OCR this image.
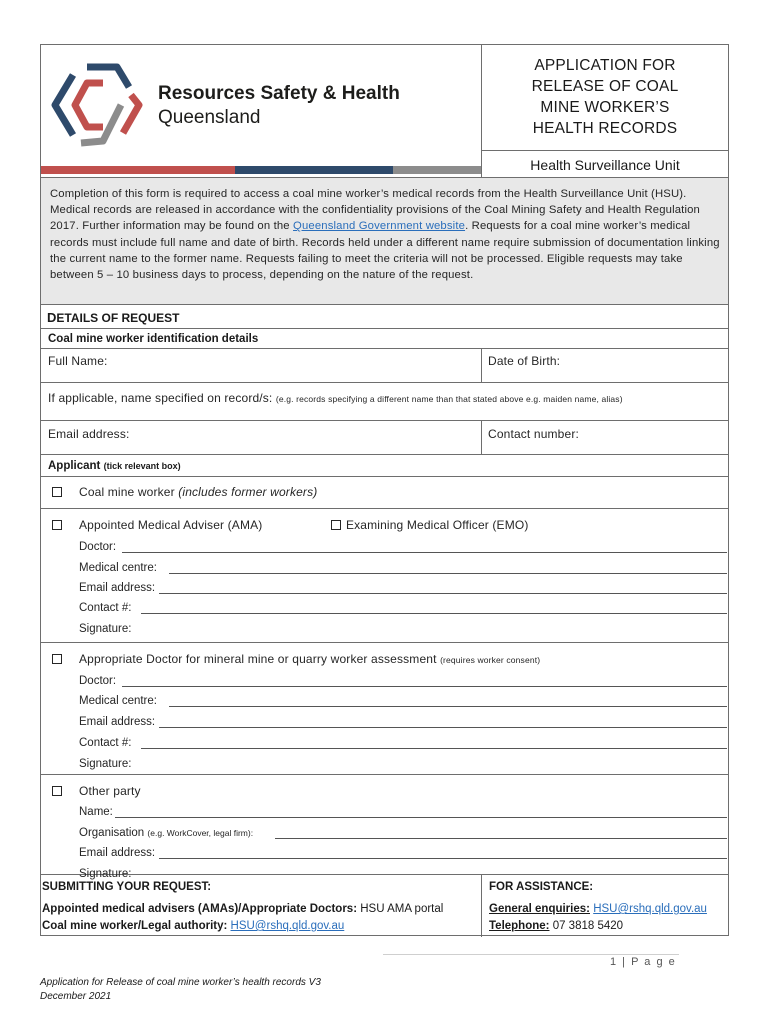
Resources Safety & Health
Queensland
APPLICATION FOR
RELEASE OF COAL
MINE WORKER’S
HEALTH RECORDS
Health Surveillance Unit
Completion of this form is required to access a coal mine worker’s medical records from the Health Surveillance Unit (HSU). Medical records are released in accordance with the confidentiality provisions of the Coal Mining Safety and Health Regulation 2017. Further information may be found on the Queensland Government website. Requests for a coal mine worker’s medical records must include full name and date of birth. Records held under a different name require submission of documentation linking the current name to the former name. Requests failing to meet the criteria will not be processed. Eligible requests may take between 5 – 10 business days to process, depending on the nature of the request.
DETAILS OF REQUEST
Coal mine worker identification details
Full Name:	Date of Birth:
If applicable, name specified on record/s: (e.g. records specifying a different name than that stated above e.g. maiden name, alias)
Email address:	Contact number:
Applicant (tick relevant box)
Coal mine worker (includes former workers)
Appointed Medical Adviser (AMA)	Examining Medical Officer (EMO)
Doctor:
Medical centre:
Email address:
Contact #:
Signature:
Appropriate Doctor for mineral mine or quarry worker assessment (requires worker consent)
Doctor:
Medical centre:
Email address:
Contact #:
Signature:
Other party
Name:
Organisation (e.g. WorkCover, legal firm):
Email address:
Signature:
SUBMITTING YOUR REQUEST:
Appointed medical advisers (AMAs)/Appropriate Doctors: HSU AMA portal
Coal mine worker/Legal authority: HSU@rshq.qld.gov.au
FOR ASSISTANCE:
General enquiries: HSU@rshq.qld.gov.au
Telephone: 07 3818 5420
1 | P a g e
Application for Release of coal mine worker’s health records V3
December 2021
